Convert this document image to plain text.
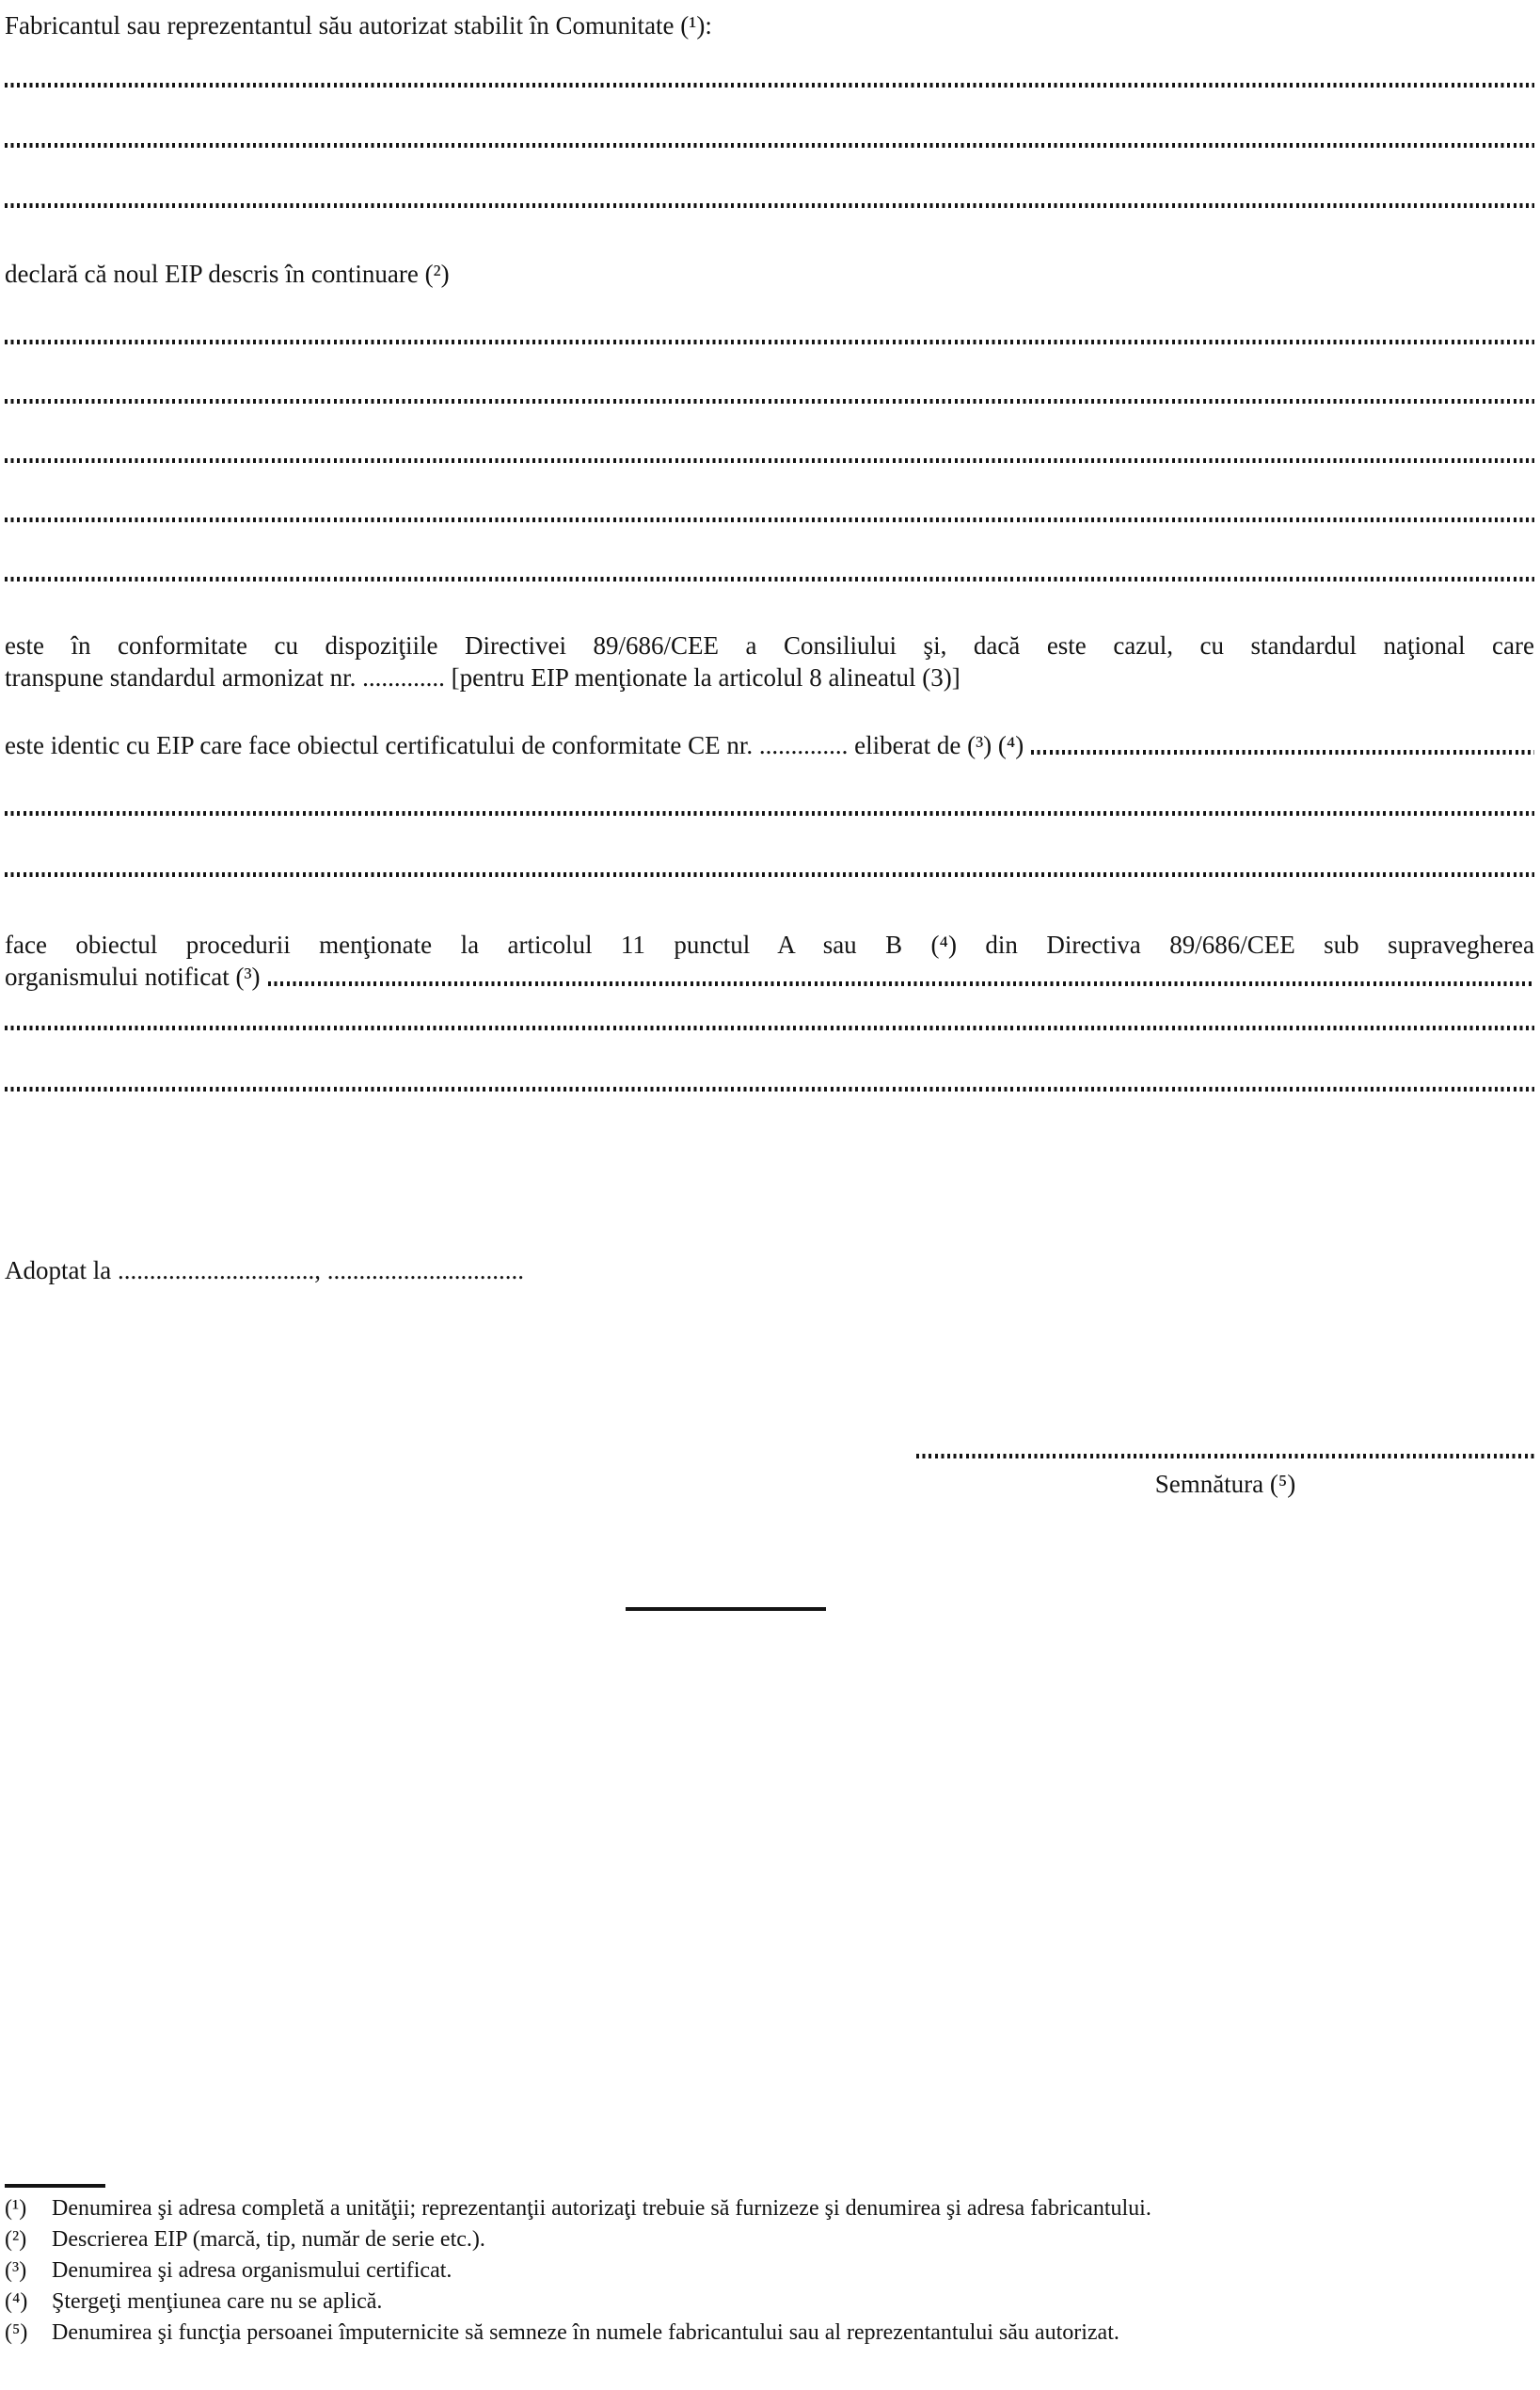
Fabricantul sau reprezentantul său autorizat stabilit în Comunitate (¹):

declară că noul EIP descris în continuare (²)

este în conformitate cu dispoziţiile Directivei 89/686/CEE a Consiliului şi, dacă este cazul, cu standardul naţional care
transpune standardul armonizat nr. ............. [pentru EIP menţionate la articolul 8 alineatul (3)]
este identic cu EIP care face obiectul certificatului de conformitate CE nr. .............. eliberat de (³) (⁴)
face obiectul procedurii menţionate la articolul 11 punctul A sau B (⁴) din Directiva 89/686/CEE sub supravegherea
organismului notificat (³)

Adoptat la ..............................., ...............................

Semnătura (⁵)
(¹)	Denumirea şi adresa completă a unităţii; reprezentanţii autorizaţi trebuie să furnizeze şi denumirea şi adresa fabricantului.
(²)	Descrierea EIP (marcă, tip, număr de serie etc.).
(³)	Denumirea şi adresa organismului certificat.
(⁴)	Ştergeţi menţiunea care nu se aplică.
(⁵)	Denumirea şi funcţia persoanei împuternicite să semneze în numele fabricantului sau al reprezentantului său autorizat.
